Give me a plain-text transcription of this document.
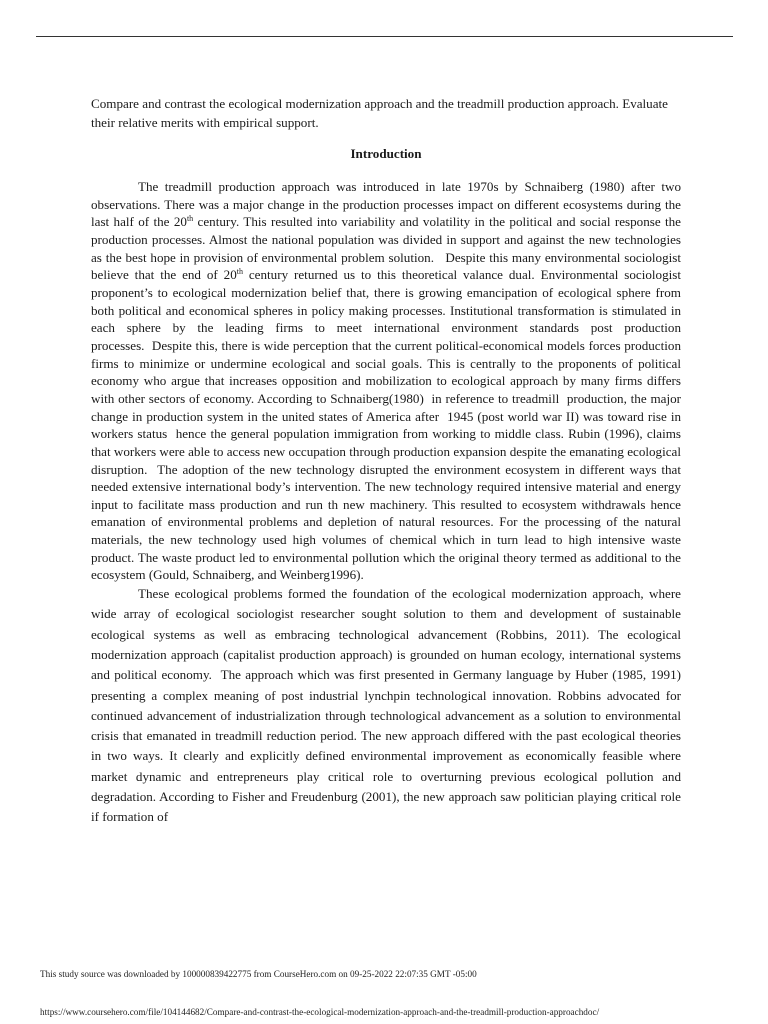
Compare and contrast the ecological modernization approach and the treadmill production approach. Evaluate their relative merits with empirical support.

Introduction

The treadmill production approach was introduced in late 1970s by Schnaiberg (1980) after two observations. There was a major change in the production processes impact on different ecosystems during the last half of the 20th century. This resulted into variability and volatility in the political and social response the production processes. Almost the national population was divided in support and against the new technologies as the best hope in provision of environmental problem solution.   Despite this many environmental sociologist believe that the end of 20th century returned us to this theoretical valance dual. Environmental sociologist proponent’s to ecological modernization belief that, there is growing emancipation of ecological sphere from both political and economical spheres in policy making processes. Institutional transformation is stimulated in each sphere by the leading firms to meet international environment standards post production processes.  Despite this, there is wide perception that the current political-economical models forces production firms to minimize or undermine ecological and social goals. This is centrally to the proponents of political economy who argue that increases opposition and mobilization to ecological approach by many firms differs with other sectors of economy. According to Schnaiberg(1980)  in reference to treadmill  production, the major change in production system in the united states of America after  1945 (post world war II) was toward rise in workers status  hence the general population immigration from working to middle class. Rubin (1996), claims that workers were able to access new occupation through production expansion despite the emanating ecological disruption.  The adoption of the new technology disrupted the environment ecosystem in different ways that needed extensive international body’s intervention. The new technology required intensive material and energy input to facilitate mass production and run th new machinery. This resulted to ecosystem withdrawals hence emanation of environmental problems and depletion of natural resources. For the processing of the natural materials, the new technology used high volumes of chemical which in turn lead to high intensive waste product. The waste product led to environmental pollution which the original theory termed as additional to the ecosystem (Gould, Schnaiberg, and Weinberg1996).

These ecological problems formed the foundation of the ecological modernization approach, where wide array of ecological sociologist researcher sought solution to them and development of sustainable ecological systems as well as embracing technological advancement (Robbins, 2011). The ecological modernization approach (capitalist production approach) is grounded on human ecology, international systems and political economy.  The approach which was first presented in Germany language by Huber (1985, 1991) presenting a complex meaning of post industrial lynchpin technological innovation. Robbins advocated for continued advancement of industrialization through technological advancement as a solution to environmental crisis that emanated in treadmill reduction period. The new approach differed with the past ecological theories in two ways. It clearly and explicitly defined environmental improvement as economically feasible where market dynamic and entrepreneurs play critical role to overturning previous ecological pollution and degradation. According to Fisher and Freudenburg (2001), the new approach saw politician playing critical role if formation of

This study source was downloaded by 100000839422775 from CourseHero.com on 09-25-2022 22:07:35 GMT -05:00
https://www.coursehero.com/file/104144682/Compare-and-contrast-the-ecological-modernization-approach-and-the-treadmill-production-approachdoc/
